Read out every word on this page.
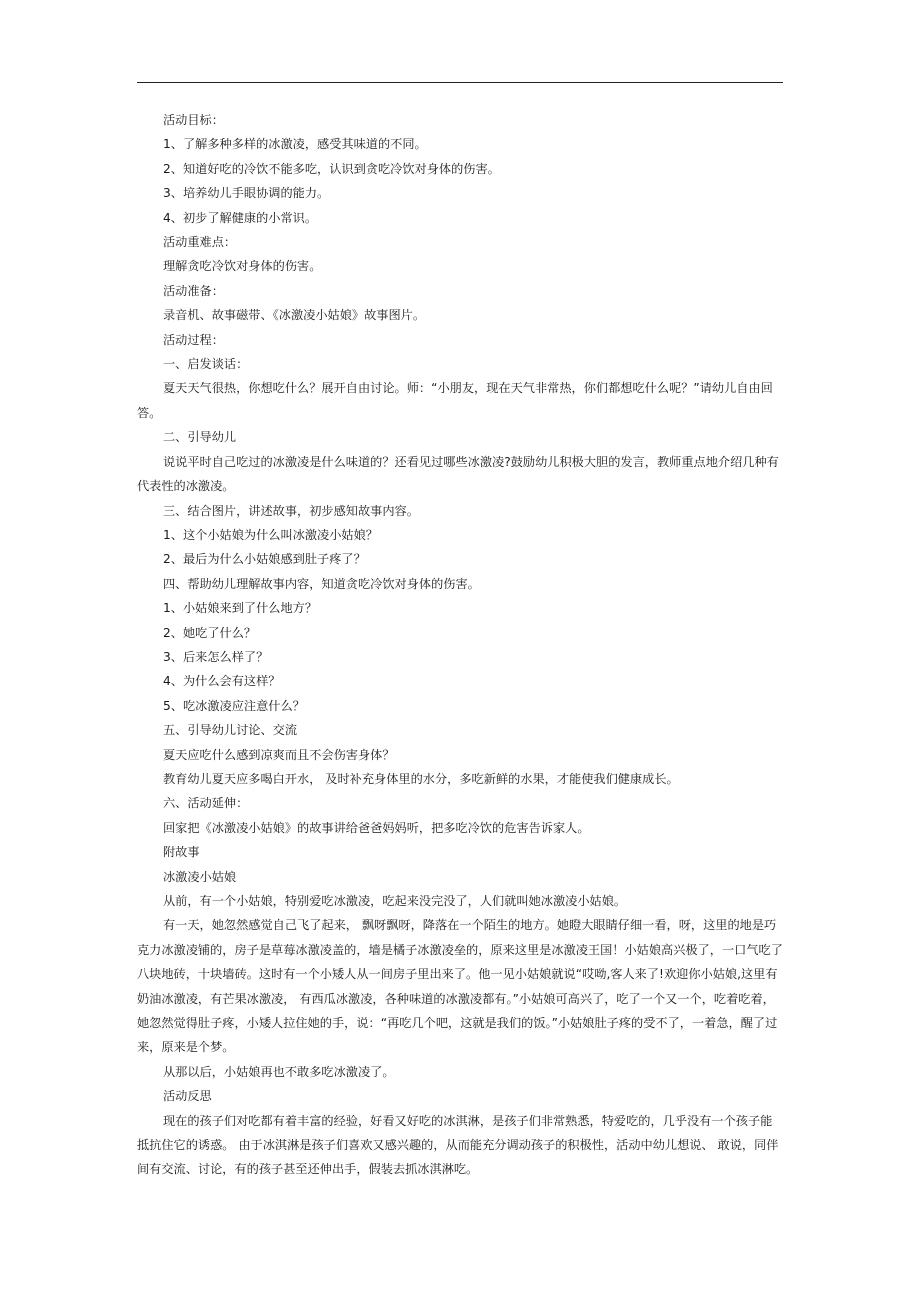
活动目标：

1、了解多种多样的冰激凌，感受其味道的不同。

2、知道好吃的冷饮不能多吃，认识到贪吃冷饮对身体的伤害。

3、培养幼儿手眼协调的能力。

4、初步了解健康的小常识。

活动重难点：

理解贪吃冷饮对身体的伤害。

活动准备：

录音机、故事磁带、《冰激凌小姑娘》故事图片。

活动过程：

一、启发谈话：

夏天天气很热，你想吃什么？展开自由讨论。师：“小朋友，现在天气非常热，你们都想吃什么呢？”请幼儿自由回答。

二、引导幼儿

说说平时自己吃过的冰激凌是什么味道的？还看见过哪些冰激凌?鼓励幼儿积极大胆的发言，教师重点地介绍几种有代表性的冰激凌。

三、结合图片，讲述故事，初步感知故事内容。

1、这个小姑娘为什么叫冰激凌小姑娘？

2、最后为什么小姑娘感到肚子疼了？

四、帮助幼儿理解故事内容，知道贪吃冷饮对身体的伤害。

1、小姑娘来到了什么地方？

2、她吃了什么？

3、后来怎么样了？

4、为什么会有这样？

5、吃冰激凌应注意什么？

五、引导幼儿讨论、交流

夏天应吃什么感到凉爽而且不会伤害身体？

教育幼儿夏天应多喝白开水， 及时补充身体里的水分，多吃新鲜的水果，才能使我们健康成长。

六、活动延伸：

回家把《冰激凌小姑娘》的故事讲给爸爸妈妈听，把多吃冷饮的危害告诉家人。

附故事

冰激凌小姑娘

从前，有一个小姑娘，特别爱吃冰激凌，吃起来没完没了，人们就叫她冰激凌小姑娘。

有一天，她忽然感觉自己飞了起来， 飘呀飘呀，降落在一个陌生的地方。她瞪大眼睛仔细一看，呀，这里的地是巧克力冰激凌铺的，房子是草莓冰激凌盖的，墙是橘子冰激凌垒的，原来这里是冰激凌王国！小姑娘高兴极了，一口气吃了八块地砖，十块墙砖。这时有一个小矮人从一间房子里出来了。他一见小姑娘就说“哎呦,客人来了!欢迎你小姑娘,这里有奶油冰激凌，有芒果冰激凌， 有西瓜冰激凌，各种味道的冰激凌都有。”小姑娘可高兴了，吃了一个又一个，吃着吃着，她忽然觉得肚子疼，小矮人拉住她的手，说：“再吃几个吧，这就是我们的饭。”小姑娘肚子疼的受不了，一着急，醒了过来，原来是个梦。

从那以后，小姑娘再也不敢多吃冰激凌了。

活动反思

现在的孩子们对吃都有着丰富的经验，好看又好吃的冰淇淋，是孩子们非常熟悉，特爱吃的，几乎没有一个孩子能抵抗住它的诱惑。 由于冰淇淋是孩子们喜欢又感兴趣的，从而能充分调动孩子的积极性，活动中幼儿想说、 敢说，同伴间有交流、讨论，有的孩子甚至还伸出手，假装去抓冰淇淋吃。
